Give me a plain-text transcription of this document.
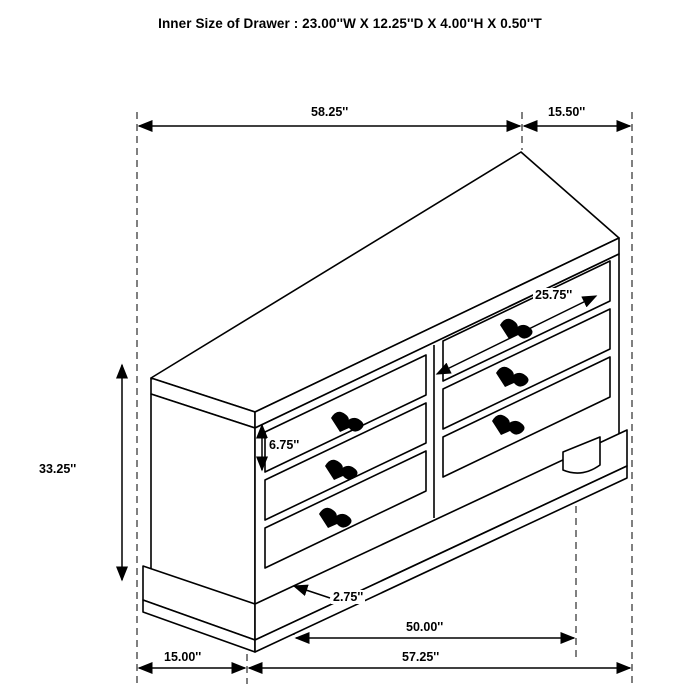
Inner Size of Drawer : 23.00''W X 12.25''D X 4.00''H X 0.50''T
58.25''	15.50''
25.75''
6.75''
33.25''
2.75''
50.00''
15.00''	57.25''
